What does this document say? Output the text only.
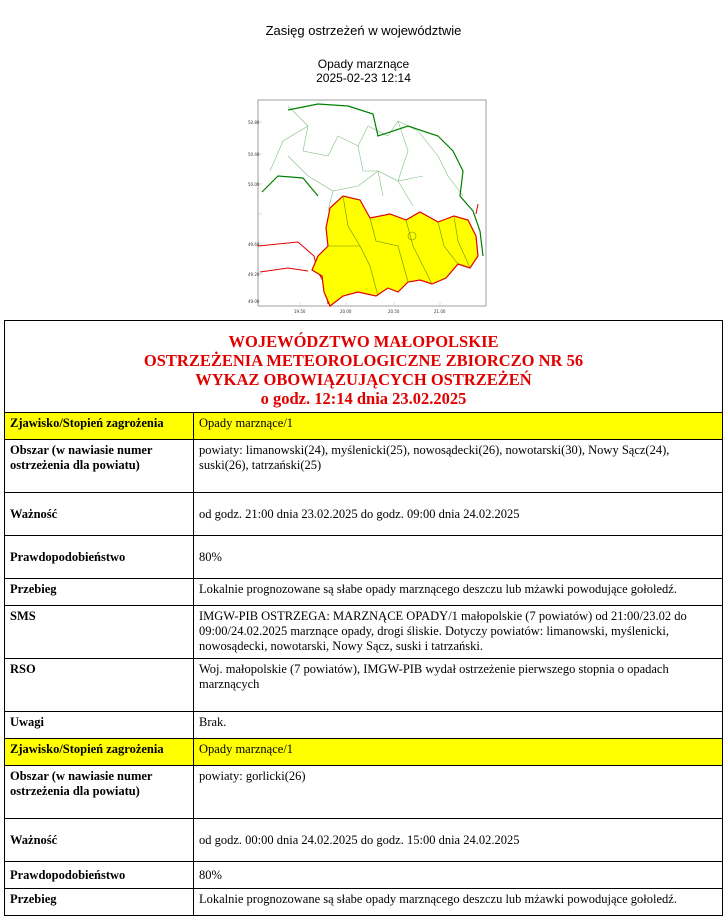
Zasięg ostrzeżeń w województwie
Opady marznące
2025-02-23 12:14
50.80
50.40
50.00
49.60
49.20
49.00
19.50	20.00	20.50	21.00
WOJEWÓDZTWO MAŁOPOLSKIE
OSTRZEŻENIA METEOROLOGICZNE ZBIORCZO NR 56
WYKAZ OBOWIĄZUJĄCYCH OSTRZEŻEŃ
o godz. 12:14 dnia 23.02.2025	

Zjawisko/Stopień zagrożenia	Opady marznące/1
Obszar (w nawiasie numer ostrzeżenia dla powiatu)	powiaty: limanowski(24), myślenicki(25), nowosądecki(26), nowotarski(30), Nowy Sącz(24), suski(26), tatrzański(25)
Ważność	od godz. 21:00 dnia 23.02.2025 do godz. 09:00 dnia 24.02.2025
Prawdopodobieństwo	80%
Przebieg	Lokalnie prognozowane są słabe opady marznącego deszczu lub mżawki powodujące gołoledź.
SMS	IMGW-PIB OSTRZEGA: MARZNĄCE OPADY/1 małopolskie (7 powiatów) od 21:00/23.02 do 09:00/24.02.2025 marznące opady, drogi śliskie. Dotyczy powiatów: limanowski, myślenicki, nowosądecki, nowotarski, Nowy Sącz, suski i tatrzański.
RSO	Woj. małopolskie (7 powiatów), IMGW-PIB wydał ostrzeżenie pierwszego stopnia o opadach marznących
Uwagi	Brak.
Zjawisko/Stopień zagrożenia	Opady marznące/1
Obszar (w nawiasie numer ostrzeżenia dla powiatu)	powiaty: gorlicki(26)
Ważność	od godz. 00:00 dnia 24.02.2025 do godz. 15:00 dnia 24.02.2025
Prawdopodobieństwo	80%
Przebieg	Lokalnie prognozowane są słabe opady marznącego deszczu lub mżawki powodujące gołoledź.
